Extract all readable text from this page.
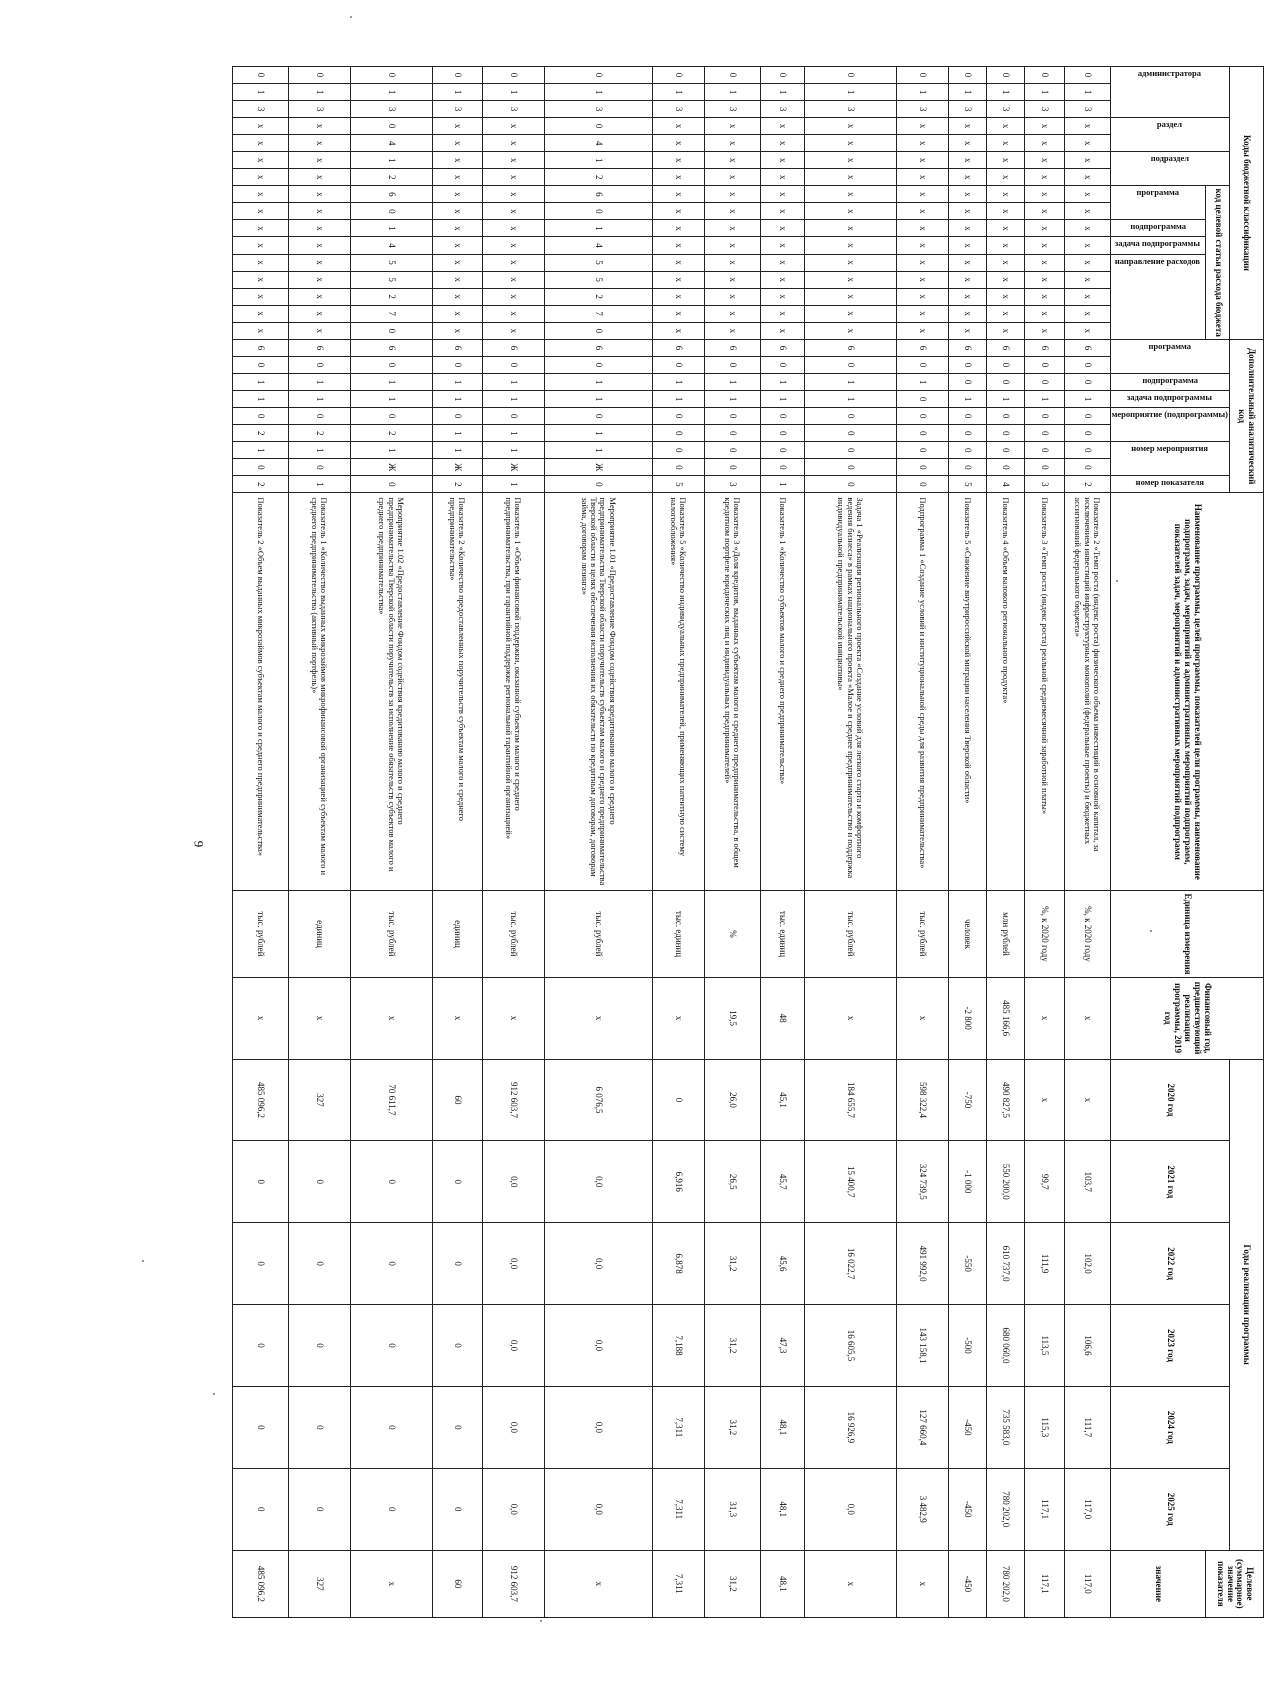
9
Коды бюджетной классификации																Дополнительный аналитический код									Наименование программы, целей программы, показателей цели программы, наименование подпрограмм, задач, мероприятий и административных мероприятий подпрограмм, показателей задач, мероприятий и административных мероприятий подпрограмм	Единица измерения	Финансовый год, предшествующий реализации программы, 2019 год	Годы реализации программы						Целевое (суммарное) значение показателя

администратора			раздел		подраздел		код целевой статьи расхода бюджета									программа		подпрограмма	задача подпрограммы	мероприятие (подпрограммы)		номер мероприятия		номер показателя				2020 год	2021 год	2022 год	2023 год	2024 год	2025 год	

							программа		подпрограмма	задача подпрограммы	направление расходов																							значение
0	1	3	х	х	х	х	х	х	х	х	х	х	х	х	х	6	0	0	1	0	0	0	0	2	Показатель 2 «Темп роста (индекс роста) физического объема инвестиций в основной капитал, за исключением инвестиций инфраструктурных монополий (федеральные проекты) и бюджетных ассигнований федерального бюджета»	%, к 2020 году	х	х	103,7	102,0	106,6	111,7	117,0	117,0
0	1	3	х	х	х	х	х	х	х	х	х	х	х	х	х	6	0	0	1	0	0	0	0	3	Показатель 3 «Темп роста (индекс роста) реальной среднемесячной заработной платы»	%, к 2020 году	х	х	99,7	111,9	113,5	115,3	117,1	117,1
0	1	3	х	х	х	х	х	х	х	х	х	х	х	х	х	6	0	0	1	0	0	0	0	4	Показатель 4 «Объем валового регионального продукта»	млн рублей	485 166,6	490 827,5	550 200,0	610 737,0	680 060,0	735 583,0	780 202,0	780 202,0
0	1	3	х	х	х	х	х	х	х	х	х	х	х	х	х	6	0	0	1	0	0	0	0	5	Показатель 5 «Снижение внутрироссийской миграции населения Тверской области»	человек	-2 800	-750	-1 000	-550	-500	-450	-450	-450
0	1	3	х	х	х	х	х	х	х	х	х	х	х	х	х	6	0	1	0	0	0	0	0	0	Подпрограмма 1 «Создание условий и институциональной среды для развития предпринимательства»	тыс. рублей	х	598 322,4	324 739,5	491 992,0	143 158,1	127 660,4	3 482,9	х
0	1	3	х	х	х	х	х	х	х	х	х	х	х	х	х	6	0	1	1	0	0	0	0	0	Задача 1 «Реализация регионального проекта «Создание условий для легкого старта и комфортного ведения бизнеса» в рамках национального проекта «Малое и среднее предпринимательство и поддержка индивидуальной предпринимательской инициативы»	тыс. рублей	х	184 655,7	15 400,7	16 022,7	16 605,5	16 926,9	0,0	х
0	1	3	х	х	х	х	х	х	х	х	х	х	х	х	х	6	0	1	1	0	0	0	0	1	Показатель 1 «Количество субъектов малого и среднего предпринимательства»	тыс. единиц	48	45,1	45,7	45,6	47,3	48,1	48,1	48,1
0	1	3	х	х	х	х	х	х	х	х	х	х	х	х	х	6	0	1	1	0	0	0	0	3	Показатель 3 «Доля кредитов, выданных субъектам малого и среднего предпринимательства, в общем кредитном портфеле юридических лиц и индивидуальных предпринимателей»	%	19,5	26,0	26,5	31,2	31,2	31,2	31,3	31,2
0	1	3	х	х	х	х	х	х	х	х	х	х	х	х	х	6	0	1	1	0	0	0	0	5	Показатель 5 «Количество индивидуальных предпринимателей, применяющих патентную систему налогообложения»	тыс. единиц	х	0	6,916	6,878	7,188	7,311	7,311	7,311
0	1	3	0	4	1	2	6	0	1	4	5	5	2	7	0	6	0	1	1	0	1	1	Ж	0	Мероприятие 1.01 «Предоставление Фондом содействия кредитованию малого и среднего предпринимательства Тверской области поручительств субъектам малого и среднего предпринимательства Тверской области в целях обеспечения исполнения их обязательств по кредитным договорам, договорам займа, договорам лизинга»	тыс. рублей	х	6 076,5	0,0	0,0	0,0	0,0	0,0	х
0	1	3	х	х	х	х	х	х	х	х	х	х	х	х	х	6	0	1	1	0	1	1	Ж	1	Показатель 1 «Объем финансовой поддержки, оказанной субъектам малого и среднего предпринимательства, при гарантийной поддержке региональной гарантийной организацией»	тыс. рублей	х	912 603,7	0,0	0,0	0,0	0,0	0,0	912 603,7
0	1	3	х	х	х	х	х	х	х	х	х	х	х	х	х	6	0	1	1	0	1	1	Ж	2	Показатель 2 «Количество предоставленных поручительств субъектам малого и среднего предпринимательства»	единиц	х	60	0	0	0	0	0	60
0	1	3	0	4	1	2	6	0	1	4	5	5	2	7	0	6	0	1	1	0	2	1	Ж	0	Мероприятие 1.02 «Предоставление Фондом содействия кредитованию малого и среднего предпринимательства Тверской области поручительств за исполнение обязательств субъектов малого и среднего предпринимательства»	тыс. рублей	х	70 611,7	0	0	0	0	0	х
0	1	3	х	х	х	х	х	х	х	х	х	х	х	х	х	6	0	1	1	0	2	1	0	1	Показатель 1 «Количество выданных микрозаймов микрофинансовой организацией субъектам малого и среднего предпринимательства (активный портфель)»	единиц	х	327	0	0	0	0	0	327
0	1	3	х	х	х	х	х	х	х	х	х	х	х	х	х	6	0	1	1	0	2	1	0	2	Показатель 2 «Объем выданных микрозаймов субъектам малого и среднего предпринимательства»	тыс. рублей	х	485 096,2	0	0	0	0	0	485 096,2
